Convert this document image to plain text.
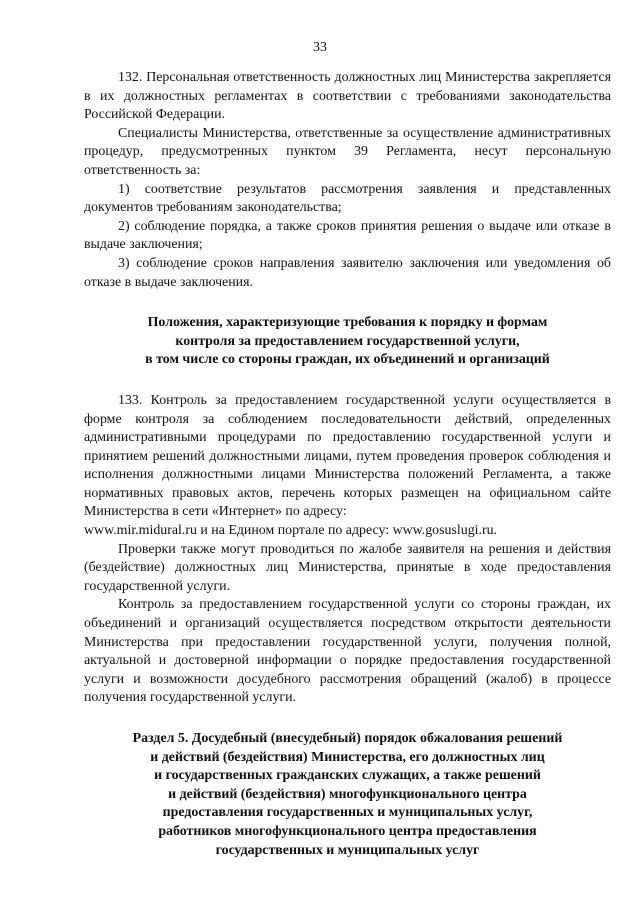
33

132. Персональная ответственность должностных лиц Министерства закрепляется в их должностных регламентах в соответствии с требованиями законодательства Российской Федерации.

Специалисты Министерства, ответственные за осуществление административных процедур, предусмотренных пунктом 39 Регламента, несут персональную ответственность за:

1) соответствие результатов рассмотрения заявления и представленных документов требованиям законодательства;

2) соблюдение порядка, а также сроков принятия решения о выдаче или отказе в выдаче заключения;

3) соблюдение сроков направления заявителю заключения или уведомления об отказе в выдаче заключения.

Положения, характеризующие требования к порядку и формам
контроля за предоставлением государственной услуги,
в том числе со стороны граждан, их объединений и организаций

133. Контроль за предоставлением государственной услуги осуществляется в форме контроля за соблюдением последовательности действий, определенных административными процедурами по предоставлению государственной услуги и принятием решений должностными лицами, путем проведения проверок соблюдения и исполнения должностными лицами Министерства положений Регламента, а также нормативных правовых актов, перечень которых размещен на официальном сайте Министерства в сети «Интернет» по адресу:

www.mir.midural.ru и на Едином портале по адресу: www.gosuslugi.ru.

Проверки также могут проводиться по жалобе заявителя на решения и действия (бездействие) должностных лиц Министерства, принятые в ходе предоставления государственной услуги.

Контроль за предоставлением государственной услуги со стороны граждан, их объединений и организаций осуществляется посредством открытости деятельности Министерства при предоставлении государственной услуги, получения полной, актуальной и достоверной информации о порядке предоставления государственной услуги и возможности досудебного рассмотрения обращений (жалоб) в процессе получения государственной услуги.

Раздел 5. Досудебный (внесудебный) порядок обжалования решений
и действий (бездействия) Министерства, его должностных лиц
и государственных гражданских служащих, а также решений
и действий (бездействия) многофункционального центра
предоставления государственных и муниципальных услуг,
работников многофункционального центра предоставления
государственных и муниципальных услуг
